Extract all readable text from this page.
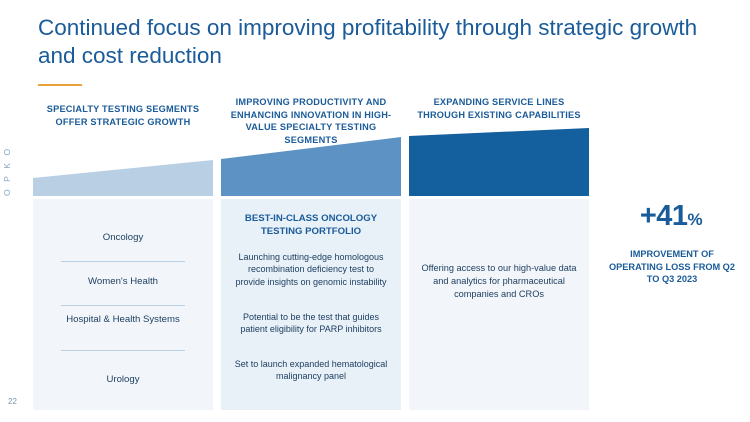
Continued focus on improving profitability through strategic growth and cost reduction
O P K O
22
SPECIALTY TESTING SEGMENTS OFFER STRATEGIC GROWTH
IMPROVING PRODUCTIVITY AND ENHANCING INNOVATION IN HIGH-VALUE SPECIALTY TESTING SEGMENTS
EXPANDING SERVICE LINES THROUGH EXISTING CAPABILITIES
Oncology
Women's Health
Hospital & Health Systems
Urology
BEST-IN-CLASS ONCOLOGY TESTING PORTFOLIO
Launching cutting-edge homologous recombination deficiency test to provide insights on genomic instability
Potential to be the test that guides patient eligibility for PARP inhibitors
Set to launch expanded hematological malignancy panel
Offering access to our high-value data and analytics for pharmaceutical companies and CROs
+41%
IMPROVEMENT OF OPERATING LOSS FROM Q2 TO Q3 2023
